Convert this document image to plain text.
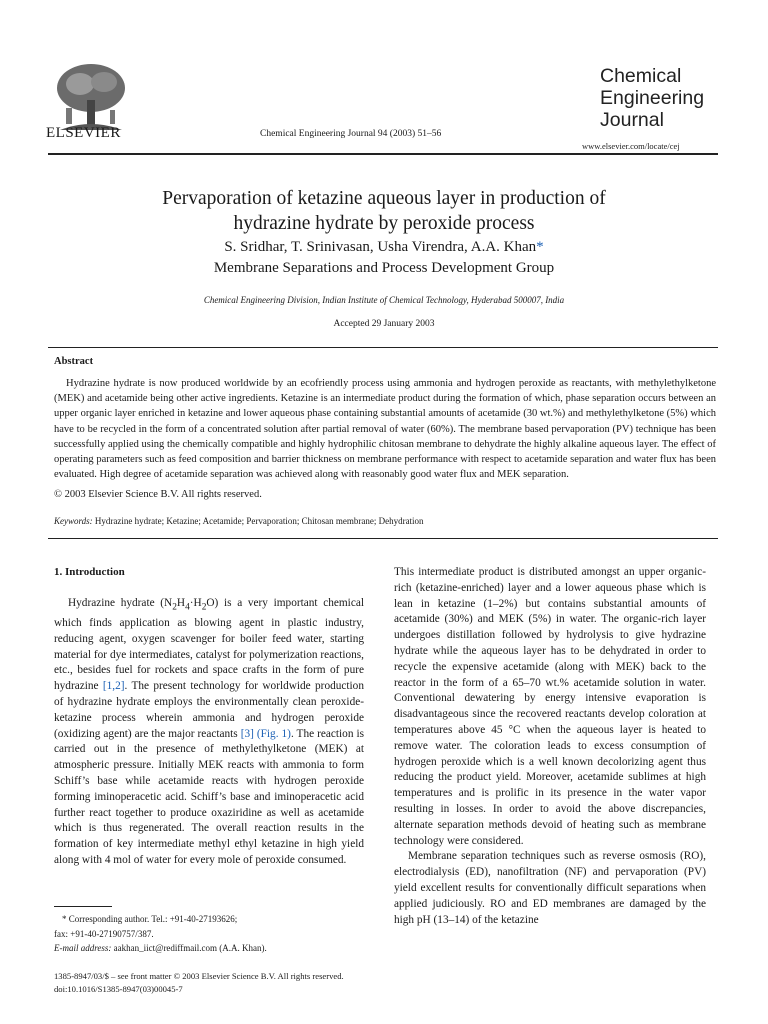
ELSEVIER	Chemical Engineering Journal 94 (2003) 51–56
Chemical
Engineering
Journal
www.elsevier.com/locate/cej
Pervaporation of ketazine aqueous layer in production of
hydrazine hydrate by peroxide process
S. Sridhar, T. Srinivasan, Usha Virendra, A.A. Khan*
Membrane Separations and Process Development Group
Chemical Engineering Division, Indian Institute of Chemical Technology, Hyderabad 500007, India
Accepted 29 January 2003
Abstract
Hydrazine hydrate is now produced worldwide by an ecofriendly process using ammonia and hydrogen peroxide as reactants, with methylethylketone (MEK) and acetamide being other active ingredients. Ketazine is an intermediate product during the formation of which, phase separation occurs between an upper organic layer enriched in ketazine and lower aqueous phase containing substantial amounts of acetamide (30 wt.%) and methylethylketone (5%) which have to be recycled in the form of a concentrated solution after partial removal of water (60%). The membrane based pervaporation (PV) technique has been successfully applied using the chemically compatible and highly hydrophilic chitosan membrane to dehydrate the highly alkaline aqueous layer. The effect of operating parameters such as feed composition and barrier thickness on membrane performance with respect to acetamide separation and water flux has been evaluated. High degree of acetamide separation was achieved along with reasonably good water flux and MEK separation.
© 2003 Elsevier Science B.V. All rights reserved.
Keywords: Hydrazine hydrate; Ketazine; Acetamide; Pervaporation; Chitosan membrane; Dehydration
1. Introduction

Hydrazine hydrate $(N_2H_4\cdot H_2O)$ is a very important chemical which finds application as blowing agent in plastic industry, reducing agent, oxygen scavenger for boiler feed water, starting material for dye intermediates, catalyst for polymerization reactions, etc., besides fuel for rockets and space crafts in the form of pure hydrazine [1,2]. The present technology for worldwide production of hydrazine hydrate employs the environmentally clean peroxide-ketazine process wherein ammonia and hydrogen peroxide (oxidizing agent) are the major reactants [3] (Fig. 1). The reaction is carried out in the presence of methylethylketone (MEK) at atmospheric pressure. Initially MEK reacts with ammonia to form Schiff’s base while acetamide reacts with hydrogen peroxide forming iminoperacetic acid. Schiff’s base and iminoperacetic acid further react together to produce oxaziridine as well as acetamide which is thus regenerated. The overall reaction results in the formation of key intermediate methyl ethyl ketazine in high yield along with 4 mol of water for every mole of peroxide consumed.

This intermediate product is distributed amongst an upper organic-rich (ketazine-enriched) layer and a lower aqueous phase which is lean in ketazine (1–2%) but contains substantial amounts of acetamide (30%) and MEK (5%) in water. The organic-rich layer undergoes distillation followed by hydrolysis to give hydrazine hydrate while the aqueous layer has to be dehydrated in order to recycle the expensive acetamide (along with MEK) back to the reactor in the form of a 65–70 wt.% acetamide solution in water. Conventional dewatering by energy intensive evaporation is disadvantageous since the recovered reactants develop coloration at temperatures above 45 °C when the aqueous layer is heated to remove water. The coloration leads to excess consumption of hydrogen peroxide which is a well known decolorizing agent thus reducing the product yield. Moreover, acetamide sublimes at high temperatures and is prolific in its presence in the water vapor resulting in losses. In order to avoid the above discrepancies, alternate separation methods devoid of heating such as membrane technology were considered.

Membrane separation techniques such as reverse osmosis (RO), electrodialysis (ED), nanofiltration (NF) and pervaporation (PV) yield excellent results for conventionally difficult separations when applied judiciously. RO and ED membranes are damaged by the high pH (13–14) of the ketazine

* Corresponding author. Tel.: +91-40-27193626;
fax: +91-40-27190757/387.
E-mail address: aakhan_iict@rediffmail.com (A.A. Khan).
1385-8947/03/$ – see front matter © 2003 Elsevier Science B.V. All rights reserved.
doi:10.1016/S1385-8947(03)00045-7
